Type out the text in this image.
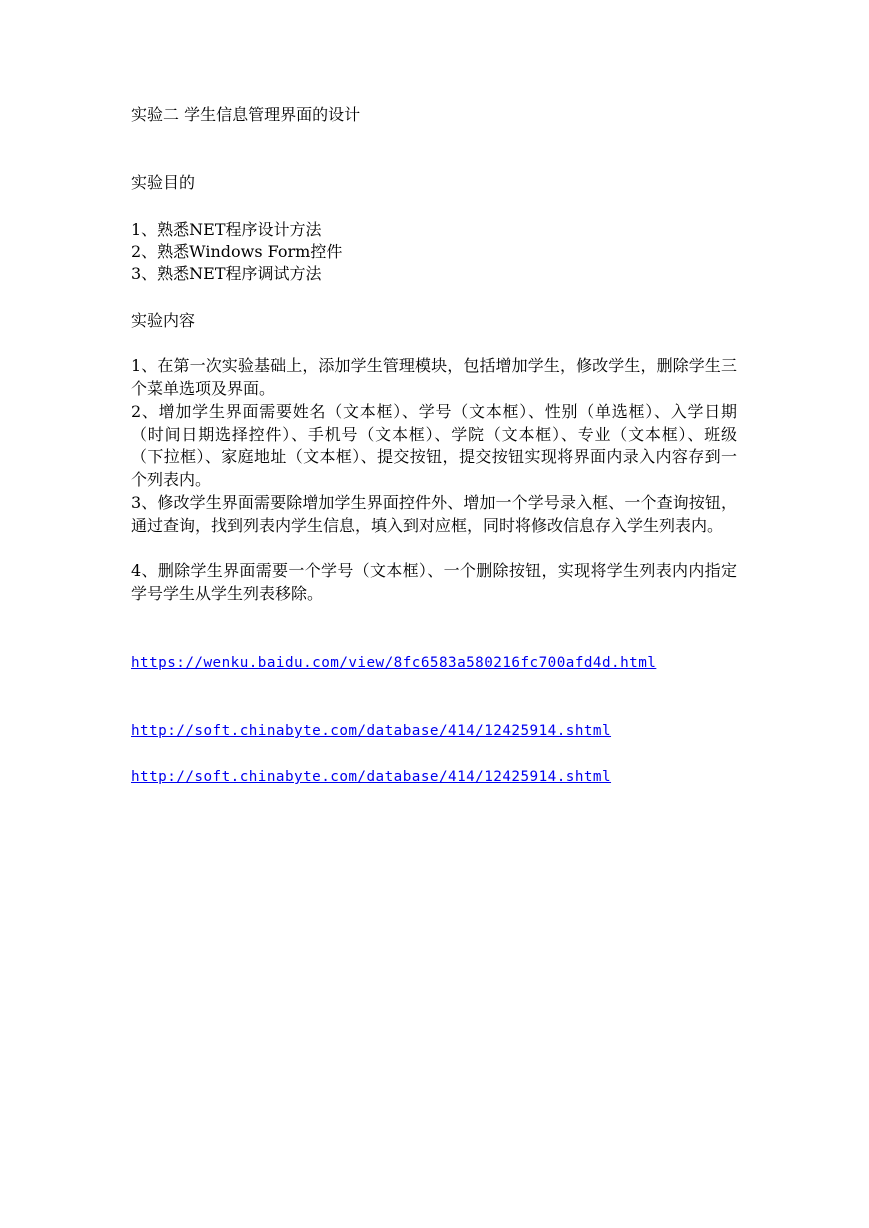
实验二 学生信息管理界面的设计
实验目的
1、熟悉NET程序设计方法
2、熟悉Windows Form控件
3、熟悉NET程序调试方法
实验内容
1、在第一次实验基础上，添加学生管理模块，包括增加学生，修改学生，删除学生三个菜单选项及界面。
2、增加学生界面需要姓名（文本框）、学号（文本框）、性别（单选框）、入学日期（时间日期选择控件）、手机号（文本框）、学院（文本框）、专业（文本框）、班级（下拉框）、家庭地址（文本框）、提交按钮，提交按钮实现将界面内录入内容存到一个列表内。
3、修改学生界面需要除增加学生界面控件外、增加一个学号录入框、一个查询按钮，通过查询，找到列表内学生信息，填入到对应框，同时将修改信息存入学生列表内。
4、删除学生界面需要一个学号（文本框）、一个删除按钮，实现将学生列表内内指定学号学生从学生列表移除。
https://wenku.baidu.com/view/8fc6583a580216fc700afd4d.html
http://soft.chinabyte.com/database/414/12425914.shtml
http://soft.chinabyte.com/database/414/12425914.shtml
